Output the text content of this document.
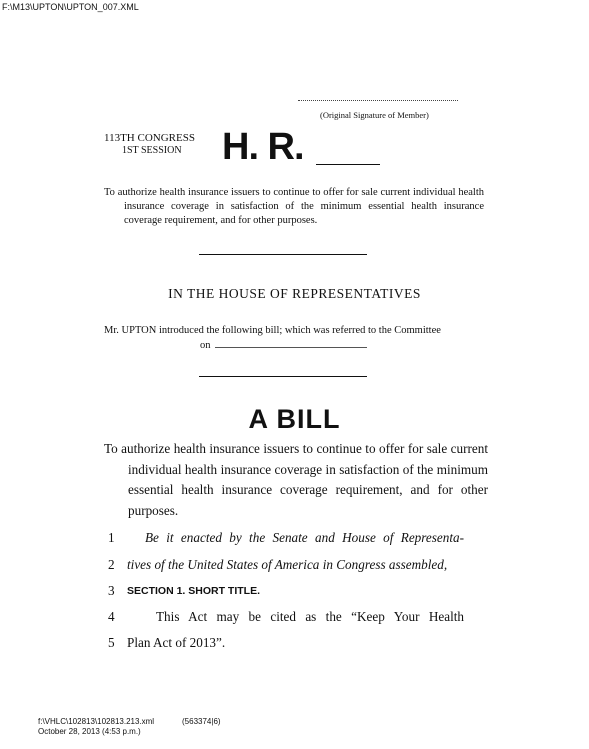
F:\M13\UPTON\UPTON_007.XML
(Original Signature of Member)
113TH CONGRESS
1ST SESSION H. R.
To authorize health insurance issuers to continue to offer for sale current individual health insurance coverage in satisfaction of the minimum essential health insurance coverage requirement, and for other purposes.
IN THE HOUSE OF REPRESENTATIVES
Mr. UPTON introduced the following bill; which was referred to the Committee
on
A BILL
To authorize health insurance issuers to continue to offer for sale current individual health insurance coverage in satisfaction of the minimum essential health insurance coverage requirement, and for other purposes.
1 Be it enacted by the Senate and House of Representa-
2 tives of the United States of America in Congress assembled,
3 SECTION 1. SHORT TITLE.
4	This Act may be cited as the “Keep Your Health
5 Plan Act of 2013”.
f:\VHLC\102813\102813.213.xml	(563374|6)
October 28, 2013 (4:53 p.m.)
